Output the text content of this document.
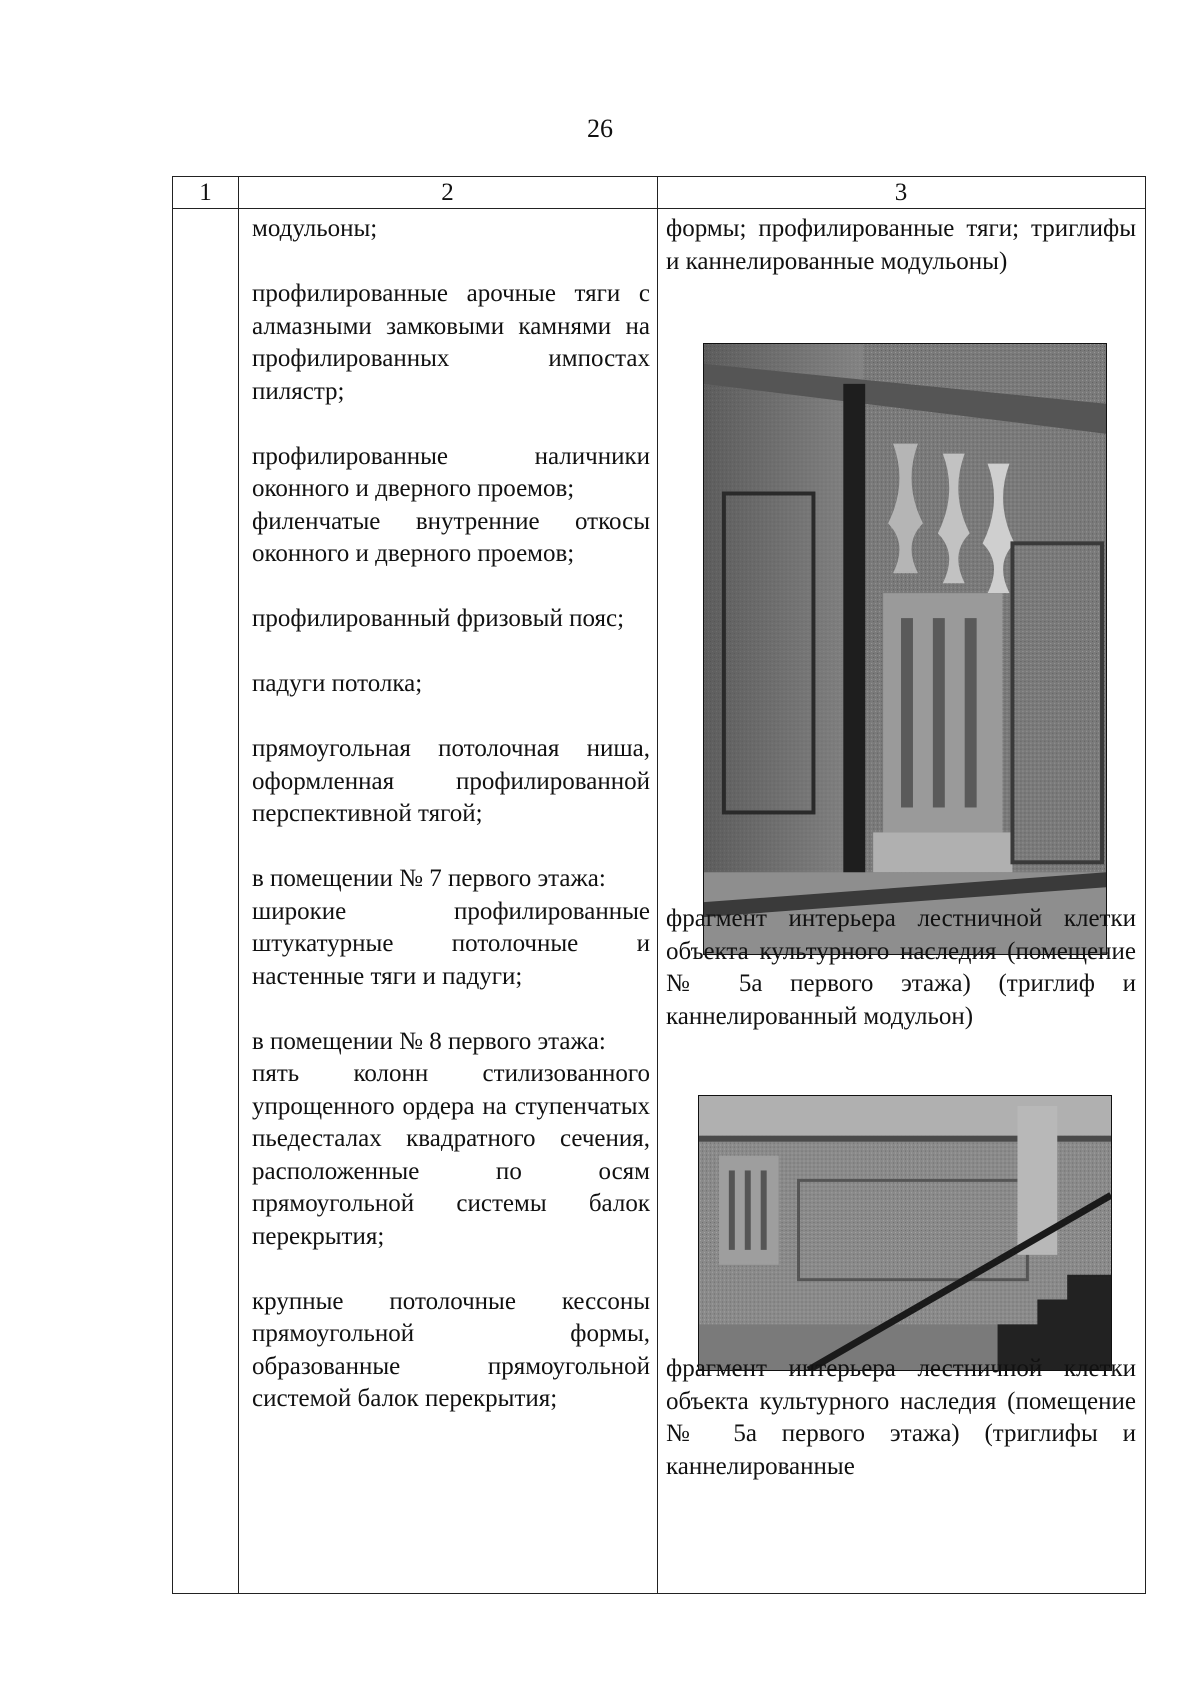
26
1	2	3
модульоны;
профилированные арочные тяги с алмазными замковыми камнями на профилированных импостах пилястр;
профилированные наличники оконного и дверного проемов;
филенчатые внутренние откосы оконного и дверного проемов;
профилированный фризовый пояс;
падуги потолка;
прямоугольная потолочная ниша, оформленная профилированной перспективной тягой;
в помещении № 7 первого этажа:
широкие профилированные штукатурные потолочные и настенные тяги и падуги;
в помещении № 8 первого этажа:
пять колонн стилизованного упрощенного ордера на ступенчатых пьедесталах квадратного сечения, расположенные по осям прямоугольной системы балок перекрытия;
крупные потолочные кессоны прямоугольной формы, образованные прямоугольной системой балок перекрытия;
формы; профилированные тяги; триглифы и каннелированные модульоны)
фрагмент интерьера лестничной клетки объекта культурного наследия (помещение № 5а первого этажа) (триглиф и каннелированный модульон)
фрагмент интерьера лестничной клетки объекта культурного наследия (помещение № 5а первого этажа) (триглифы и каннелированные
